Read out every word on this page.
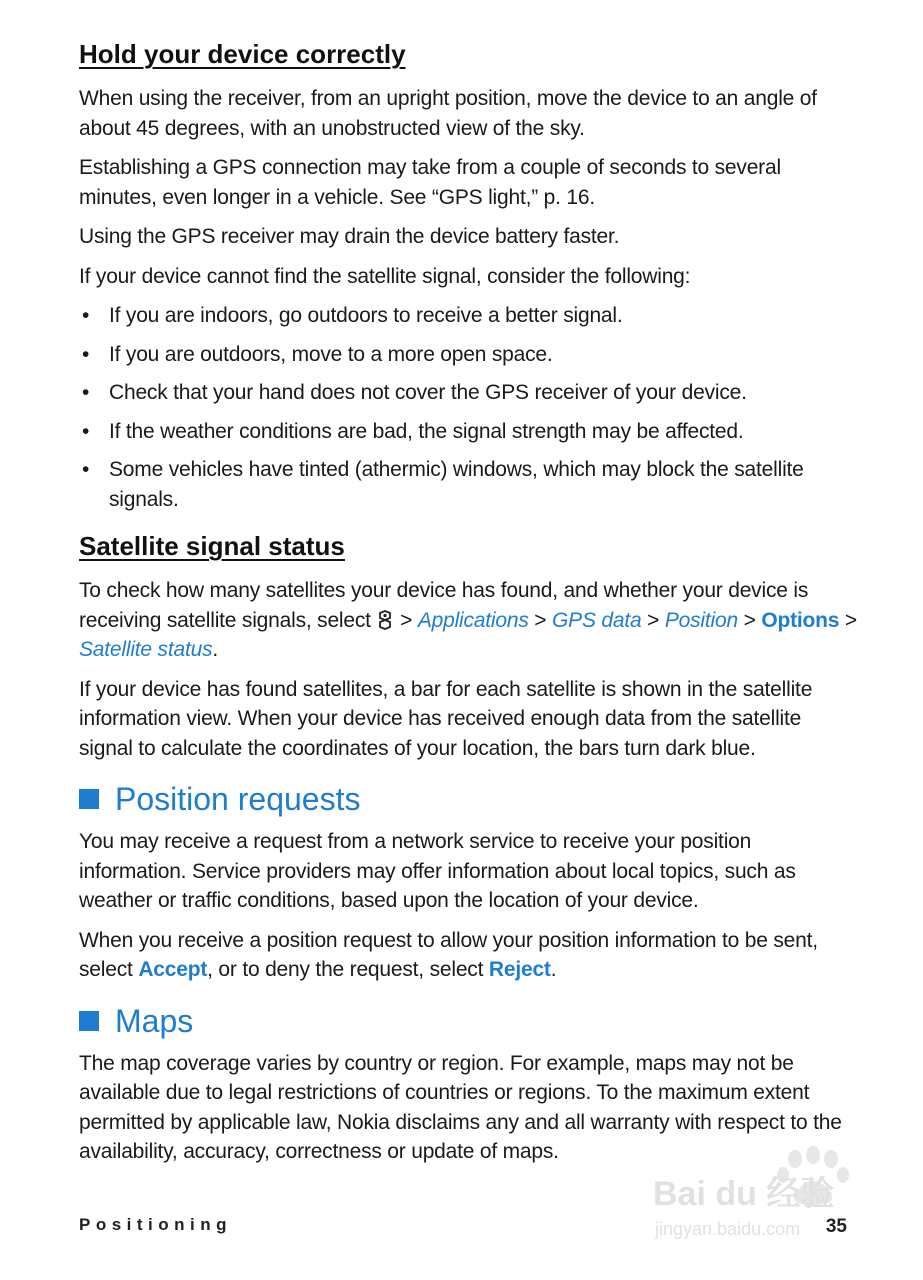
Hold your device correctly

When using the receiver, from an upright position, move the device to an angle of about 45 degrees, with an unobstructed view of the sky.

Establishing a GPS connection may take from a couple of seconds to several minutes, even longer in a vehicle. See “GPS light,” p. 16.

Using the GPS receiver may drain the device battery faster.

If your device cannot find the satellite signal, consider the following:

• If you are indoors, go outdoors to receive a better signal.
• If you are outdoors, move to a more open space.
• Check that your hand does not cover the GPS receiver of your device.
• If the weather conditions are bad, the signal strength may be affected.
• Some vehicles have tinted (athermic) windows, which may block the satellite signals.
Satellite signal status

To check how many satellites your device has found, and whether your device is receiving satellite signals, select > Applications > GPS data > Position > Options > Satellite status.

If your device has found satellites, a bar for each satellite is shown in the satellite information view. When your device has received enough data from the satellite signal to calculate the coordinates of your location, the bars turn dark blue.

Position requests

You may receive a request from a network service to receive your position information. Service providers may offer information about local topics, such as weather or traffic conditions, based upon the location of your device.

When you receive a position request to allow your position information to be sent, select Accept, or to deny the request, select Reject.

Maps

The map coverage varies by country or region. For example, maps may not be available due to legal restrictions of countries or regions. To the maximum extent permitted by applicable law, Nokia disclaims any and all warranty with respect to the availability, accuracy, correctness or update of maps.

Bai du 经验
jingyan.baidu.com
Positioning	35
